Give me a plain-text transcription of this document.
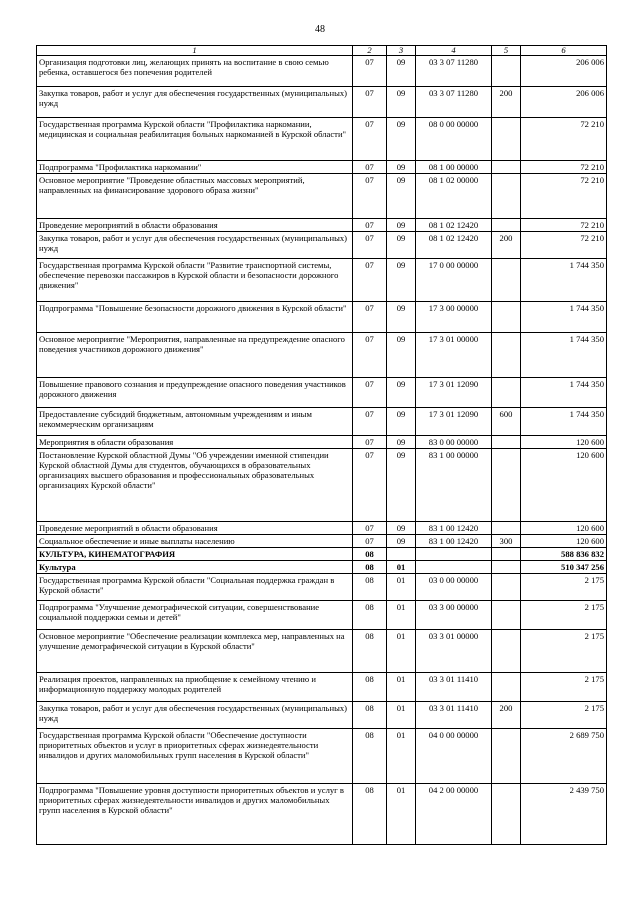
48
1	2	3	4	5	6
Организация подготовки лиц, желающих принять на воспитание в свою семью ребенка, оставшегося без попечения родителей	07	09	03 3 07 11280		206 006
Закупка товаров, работ и услуг для обеспечения государственных (муниципальных) нужд	07	09	03 3 07 11280	200	206 006
Государственная программа Курской области "Профилактика наркомании, медицинская и социальная реабилитация больных наркоманией в Курской области"	07	09	08 0 00 00000		72 210
Подпрограмма "Профилактика наркомании"	07	09	08 1 00 00000		72 210
Основное мероприятие "Проведение областных массовых мероприятий, направленных на финансирование здорового образа жизни"	07	09	08 1 02 00000		72 210
Проведение мероприятий в области образования	07	09	08 1 02 12420		72 210
Закупка товаров, работ и услуг для обеспечения государственных (муниципальных) нужд	07	09	08 1 02 12420	200	72 210
Государственная программа Курской области "Развитие транспортной системы, обеспечение перевозки пассажиров в Курской области и безопасности дорожного движения"	07	09	17 0 00 00000		1 744 350
Подпрограмма "Повышение безопасности дорожного движения в Курской области"	07	09	17 3 00 00000		1 744 350
Основное мероприятие "Мероприятия, направленные на предупреждение опасного поведения участников дорожного движения"	07	09	17 3 01 00000		1 744 350
Повышение правового сознания и предупреждение опасного поведения участников дорожного движения	07	09	17 3 01 12090		1 744 350
Предоставление субсидий бюджетным, автономным учреждениям и иным некоммерческим организациям	07	09	17 3 01 12090	600	1 744 350
Мероприятия в области образования	07	09	83 0 00 00000		120 600
Постановление Курской областной Думы "Об учреждении именной стипендии Курской областной Думы для студентов, обучающихся в образовательных организациях высшего образования и профессиональных образовательных организациях Курской области"	07	09	83 1 00 00000		120 600
Проведение мероприятий в области образования	07	09	83 1 00 12420		120 600
Социальное обеспечение и иные выплаты населению	07	09	83 1 00 12420	300	120 600
КУЛЬТУРА, КИНЕМАТОГРАФИЯ	08				588 836 832
Культура	08	01			510 347 256
Государственная программа Курской области "Социальная поддержка граждан в Курской области"	08	01	03 0 00 00000		2 175
Подпрограмма "Улучшение демографической ситуации, совершенствование социальной поддержки семьи и детей"	08	01	03 3 00 00000		2 175
Основное мероприятие "Обеспечение реализации комплекса мер, направленных на улучшение демографической ситуации в Курской области"	08	01	03 3 01 00000		2 175
Реализация проектов, направленных на приобщение к семейному чтению и информационную поддержку молодых родителей	08	01	03 3 01 11410		2 175
Закупка товаров, работ и услуг для обеспечения государственных (муниципальных) нужд	08	01	03 3 01 11410	200	2 175
Государственная программа Курской области "Обеспечение доступности приоритетных объектов и услуг в приоритетных сферах жизнедеятельности инвалидов и других маломобильных групп населения в Курской области"	08	01	04 0 00 00000		2 689 750
Подпрограмма "Повышение уровня доступности приоритетных объектов и услуг в приоритетных сферах жизнедеятельности инвалидов и других маломобильных групп населения в Курской области"	08	01	04 2 00 00000		2 439 750
